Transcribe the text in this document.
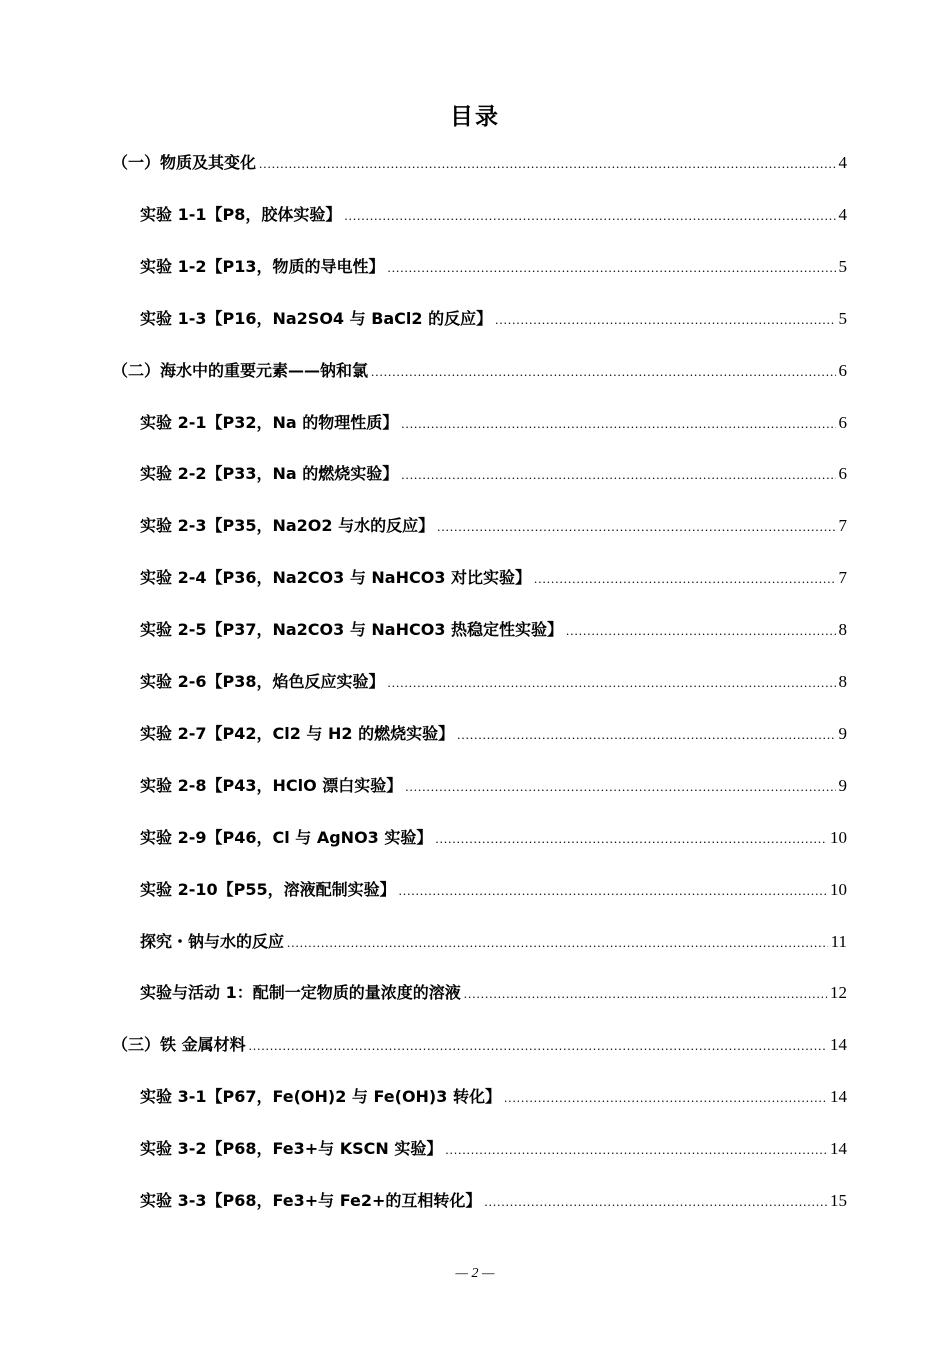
目录
（一）物质及其变化 .....	4
实验 1-1【P8，胶体实验】 .....	4
实验 1-2【P13，物质的导电性】 .....	5
实验 1-3【P16，Na2SO4 与 BaCl2 的反应】 .....	5
（二）海水中的重要元素——钠和氯 .....	6
实验 2-1【P32，Na 的物理性质】 .....	6
实验 2-2【P33，Na 的燃烧实验】 .....	6
实验 2-3【P35，Na2O2 与水的反应】 .....	7
实验 2-4【P36，Na2CO3 与 NaHCO3 对比实验】 .....	7
实验 2-5【P37，Na2CO3 与 NaHCO3 热稳定性实验】 .....	8
实验 2-6【P38，焰色反应实验】 .....	8
实验 2-7【P42，Cl2 与 H2 的燃烧实验】 .....	9
实验 2-8【P43，HClO 漂白实验】 .....	9
实验 2-9【P46，Cl 与 AgNO3 实验】 .....	10
实验 2-10【P55，溶液配制实验】 .....	10
探究・钠与水的反应 .....	11
实验与活动 1：配制一定物质的量浓度的溶液 .....	12
（三）铁 金属材料 .....	14
实验 3-1【P67，Fe(OH)2 与 Fe(OH)3 转化】 .....	14
实验 3-2【P68，Fe3+与 KSCN 实验】 .....	14
实验 3-3【P68，Fe3+与 Fe2+的互相转化】 .....	15
— 2 —
